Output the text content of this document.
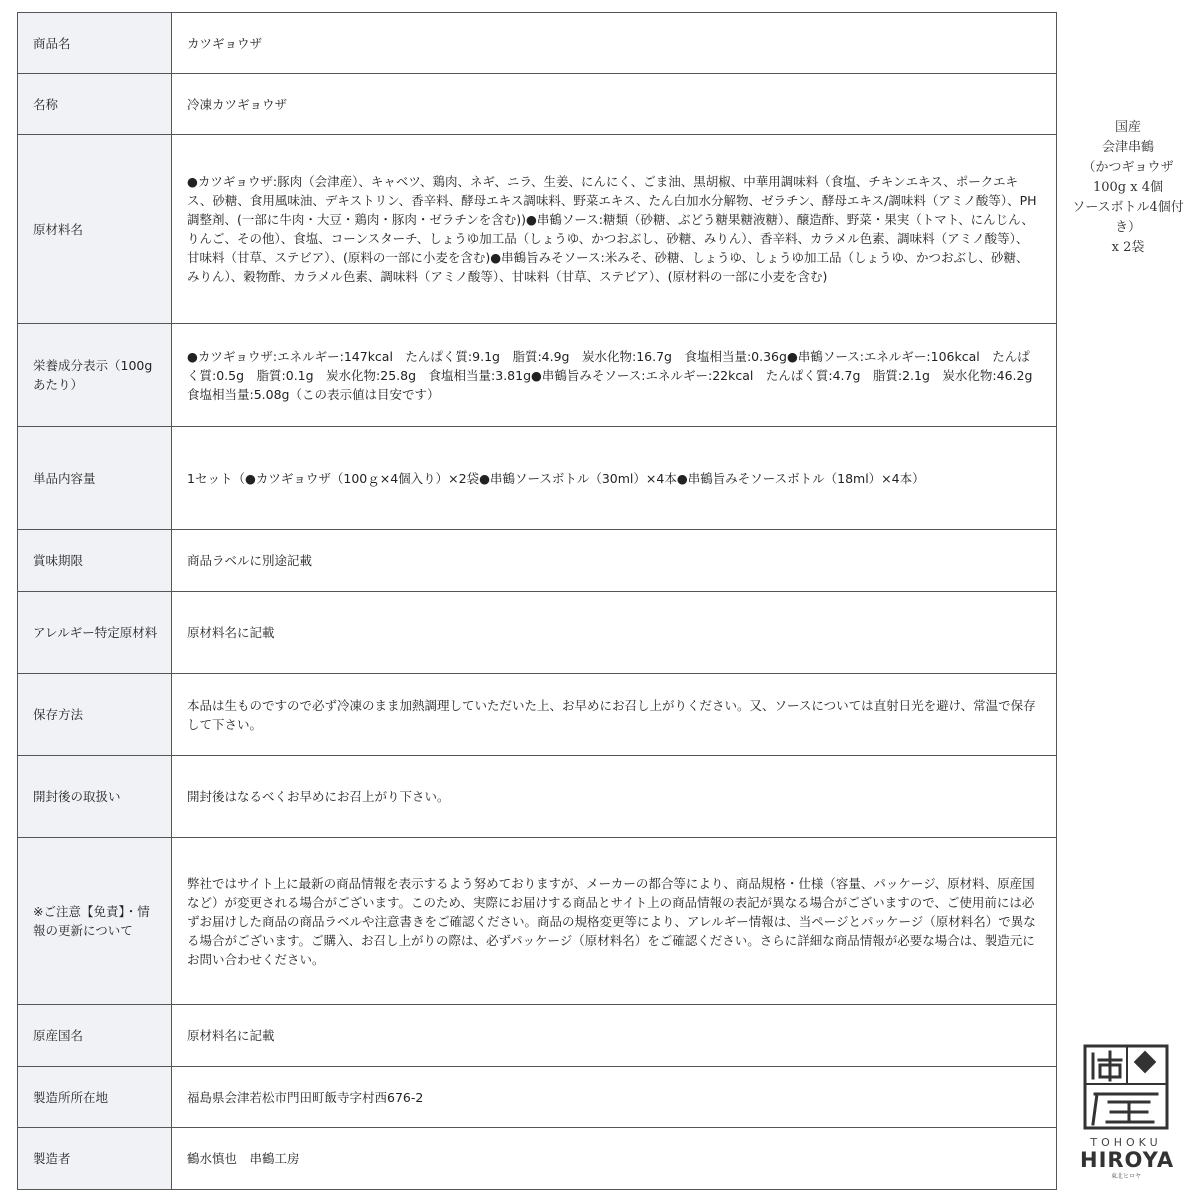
商品名	カツギョウザ
名称	冷凍カツギョウザ
原材料名	●カツギョウザ:豚肉（会津産）、キャベツ、鶏肉、ネギ、ニラ、生姜、にんにく、ごま油、黒胡椒、中華用調味料（食塩、チキンエキス、ポークエキス、砂糖、食用風味油、デキストリン、香辛料、酵母エキス調味料、野菜エキス、たん白加水分解物、ゼラチン、酵母エキス/調味料（アミノ酸等）、PH調整剤、(一部に牛肉・大豆・鶏肉・豚肉・ゼラチンを含む))●串鶴ソース:糖類（砂糖、ぶどう糖果糖液糖）、醸造酢、野菜・果実（トマト、にんじん、りんご、その他）、食塩、コーンスターチ、しょうゆ加工品（しょうゆ、かつおぶし、砂糖、みりん）、香辛料、カラメル色素、調味料（アミノ酸等）、甘味料（甘草、ステビア）、(原料の一部に小麦を含む)●串鶴旨みそソース:米みそ、砂糖、しょうゆ、しょうゆ加工品（しょうゆ、かつおぶし、砂糖、みりん）、穀物酢、カラメル色素、調味料（アミノ酸等）、甘味料（甘草、ステビア）、(原材料の一部に小麦を含む)
栄養成分表示（100gあたり）	●カツギョウザ:エネルギー:147kcal　たんぱく質:9.1g　脂質:4.9g　炭水化物:16.7g　食塩相当量:0.36g●串鶴ソース:エネルギー:106kcal　たんぱく質:0.5g　脂質:0.1g　炭水化物:25.8g　食塩相当量:3.81g●串鶴旨みそソース:エネルギー:22kcal　たんぱく質:4.7g　脂質:2.1g　炭水化物:46.2g　食塩相当量:5.08g（この表示値は目安です）
単品内容量	1セット（●カツギョウザ（100ｇ×4個入り）×2袋●串鶴ソースボトル（30ml）×4本●串鶴旨みそソースボトル（18ml）×4本）
賞味期限	商品ラベルに別途記載
アレルギー特定原材料	原材料名に記載
保存方法	本品は生ものですので必ず冷凍のまま加熱調理していただいた上、お早めにお召し上がりください。又、ソースについては直射日光を避け、常温で保存して下さい。
開封後の取扱い	開封後はなるべくお早めにお召上がり下さい。
※ご注意【免責】・情報の更新について	弊社ではサイト上に最新の商品情報を表示するよう努めておりますが、メーカーの都合等により、商品規格・仕様（容量、パッケージ、原材料、原産国など）が変更される場合がございます。このため、実際にお届けする商品とサイト上の商品情報の表記が異なる場合がございますので、ご使用前には必ずお届けした商品の商品ラベルや注意書きをご確認ください。商品の規格変更等により、アレルギー情報は、当ページとパッケージ（原材料名）で異なる場合がございます。ご購入、お召し上がりの際は、必ずパッケージ（原材料名）をご確認ください。さらに詳細な商品情報が必要な場合は、製造元にお問い合わせください。
原産国名	原材料名に記載
製造所所在地	福島県会津若松市門田町飯寺字村西676-2
製造者	鶴水慎也　串鶴工房
国産
会津串鶴
（かつギョウザ
100g x 4個
ソースボトル4個付き）
x 2袋
TOHOKU
HIROYA
東北ヒロヤ
